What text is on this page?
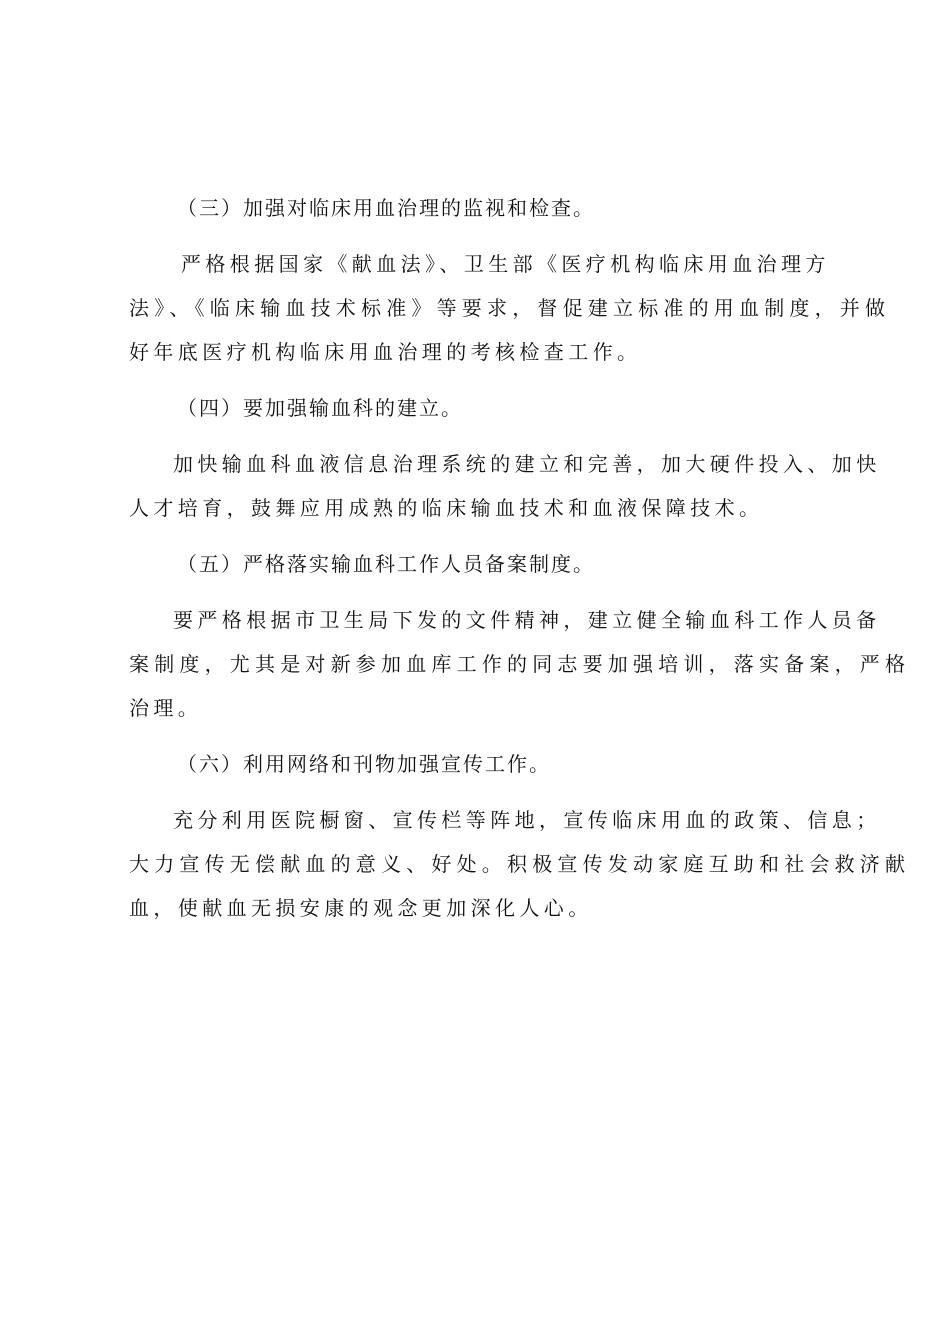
（三）加强对临床用血治理的监视和检查。
严格根据国家《献血法》、卫生部《医疗机构临床用血治理方
法》、《临床输血技术标准》等要求，督促建立标准的用血制度，并做
好年底医疗机构临床用血治理的考核检查工作。
（四）要加强输血科的建立。
加快输血科血液信息治理系统的建立和完善，加大硬件投入、加快
人才培育，鼓舞应用成熟的临床输血技术和血液保障技术。
（五）严格落实输血科工作人员备案制度。
要严格根据市卫生局下发的文件精神，建立健全输血科工作人员备
案制度，尤其是对新参加血库工作的同志要加强培训，落实备案，严格
治理。
（六）利用网络和刊物加强宣传工作。
充分利用医院橱窗、宣传栏等阵地，宣传临床用血的政策、信息；
大力宣传无偿献血的意义、好处。积极宣传发动家庭互助和社会救济献
血，使献血无损安康的观念更加深化人心。
